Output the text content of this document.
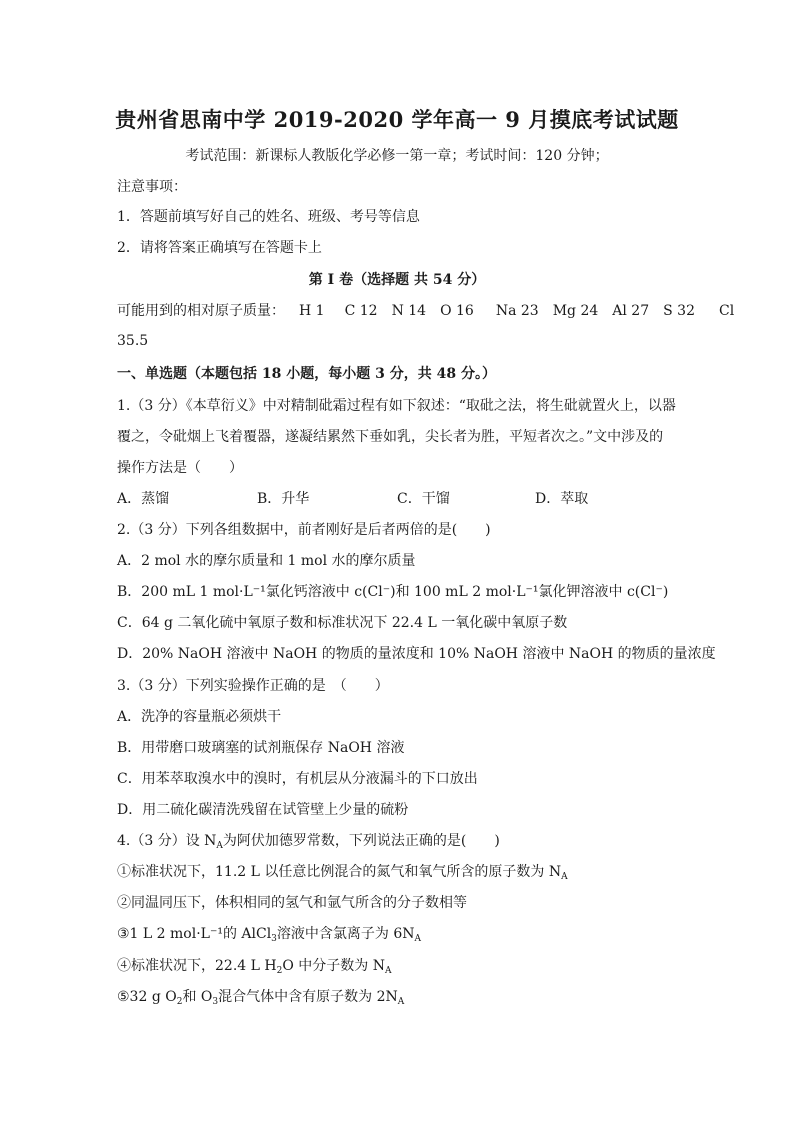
贵州省思南中学 2019-2020 学年高一 9 月摸底考试试题
考试范围：新课标人教版化学必修一第一章；考试时间：120 分钟；
注意事项：
1．答题前填写好自己的姓名、班级、考号等信息
2．请将答案正确填写在答题卡上
第 I 卷（选择题 共 54 分）
可能用到的相对原子质量： H 1 C 12 N 14 O 16 Na 23 Mg 24 Al 27 S 32 Cl
35.5
一、单选题（本题包括 18 小题，每小题 3 分，共 48 分。）
1.（3 分）《本草衍义》中对精制砒霜过程有如下叙述：“取砒之法，将生砒就置火上，以器
覆之，令砒烟上飞着覆器，遂凝结累然下垂如乳，尖长者为胜，平短者次之。”文中涉及的
操作方法是（　　）
A．蒸馏	B．升华	C．干馏	D．萃取
2.（3 分）下列各组数据中，前者刚好是后者两倍的是(　　)
A．2 mol 水的摩尔质量和 1 mol 水的摩尔质量
B．200 mL 1 mol·L⁻¹氯化钙溶液中 c(Cl⁻)和 100 mL 2 mol·L⁻¹氯化钾溶液中 c(Cl⁻)
C．64 g 二氧化硫中氧原子数和标准状况下 22.4 L 一氧化碳中氧原子数
D．20% NaOH 溶液中 NaOH 的物质的量浓度和 10% NaOH 溶液中 NaOH 的物质的量浓度
3.（3 分）下列实验操作正确的是　（　　）
A．洗净的容量瓶必须烘干
B．用带磨口玻璃塞的试剂瓶保存 NaOH 溶液
C．用苯萃取溴水中的溴时，有机层从分液漏斗的下口放出
D．用二硫化碳清洗残留在试管壁上少量的硫粉
4.（3 分）设 $N_A$为阿伏加德罗常数，下列说法正确的是(　　)
①标准状况下，11.2 L 以任意比例混合的氮气和氧气所含的原子数为 $N_A$
②同温同压下，体积相同的氢气和氩气所含的分子数相等
③1 L 2 mol·L⁻¹的 AlCl$_3$溶液中含氯离子为 $6N_A$
④标准状况下，22.4 L $H_2O$ 中分子数为 $N_A$
⑤32 g $O_2$和 $O_3$混合气体中含有原子数为 $2N_A$
